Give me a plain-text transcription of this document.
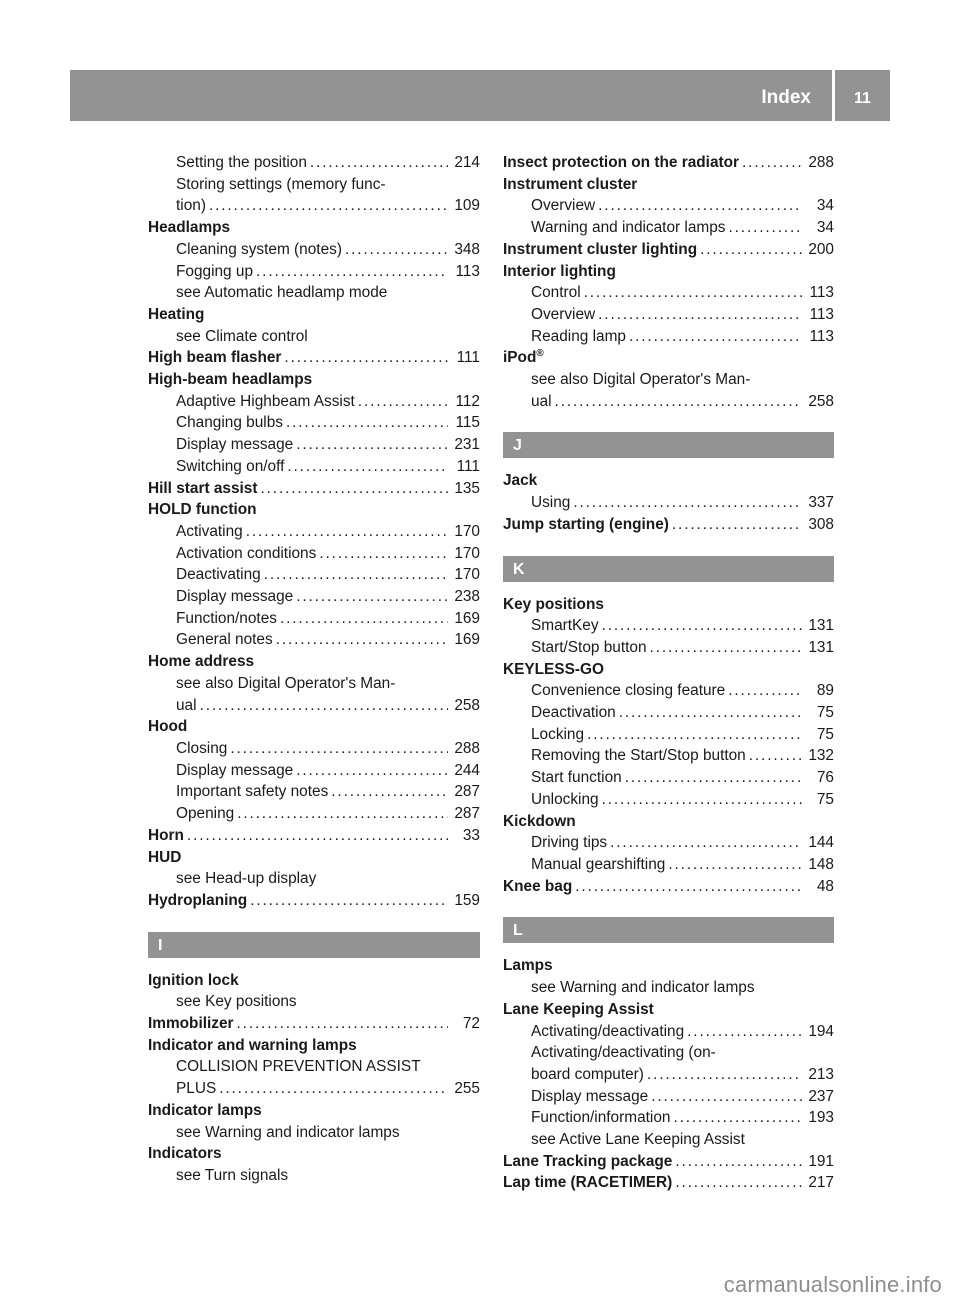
Index	11
Setting the position . . .	214
Storing settings (memory func-
tion) . . .	109
Headlamps
Cleaning system (notes) . . .	348
Fogging up . . .	113
see Automatic headlamp mode
Heating
see Climate control
High beam flasher . . .	111
High-beam headlamps
Adaptive Highbeam Assist . . .	112
Changing bulbs . . .	115
Display message . . .	231
Switching on/off . . .	111
Hill start assist . . .	135
HOLD function
Activating . . .	170
Activation conditions . . .	170
Deactivating . . .	170
Display message . . .	238
Function/notes . . .	169
General notes . . .	169
Home address
see also Digital Operator's Man-
ual . . .	258
Hood
Closing . . .	288
Display message . . .	244
Important safety notes . . .	287
Opening . . .	287
Horn . . .	33
HUD
see Head-up display
Hydroplaning . . .	159
I
Ignition lock
see Key positions
Immobilizer . . .	72
Indicator and warning lamps
COLLISION PREVENTION ASSIST
PLUS . . .	255
Indicator lamps
see Warning and indicator lamps
Indicators
see Turn signals
Insect protection on the radiator . . .	288
Instrument cluster
Overview . . .	34
Warning and indicator lamps . . .	34
Instrument cluster lighting . . .	200
Interior lighting
Control . . .	113
Overview . . .	113
Reading lamp . . .	113
iPod®
see also Digital Operator's Man-
ual . . .	258
J
Jack
Using . . .	337
Jump starting (engine) . . .	308
K
Key positions
SmartKey . . .	131
Start/Stop button . . .	131
KEYLESS-GO
Convenience closing feature . . .	89
Deactivation . . .	75
Locking . . .	75
Removing the Start/Stop button . . .	132
Start function . . .	76
Unlocking . . .	75
Kickdown
Driving tips . . .	144
Manual gearshifting . . .	148
Knee bag . . .	48
L
Lamps
see Warning and indicator lamps
Lane Keeping Assist
Activating/deactivating . . .	194
Activating/deactivating (on-
board computer) . . .	213
Display message . . .	237
Function/information . . .	193
see Active Lane Keeping Assist
Lane Tracking package . . .	191
Lap time (RACETIMER) . . .	217
carmanualsonline.info
